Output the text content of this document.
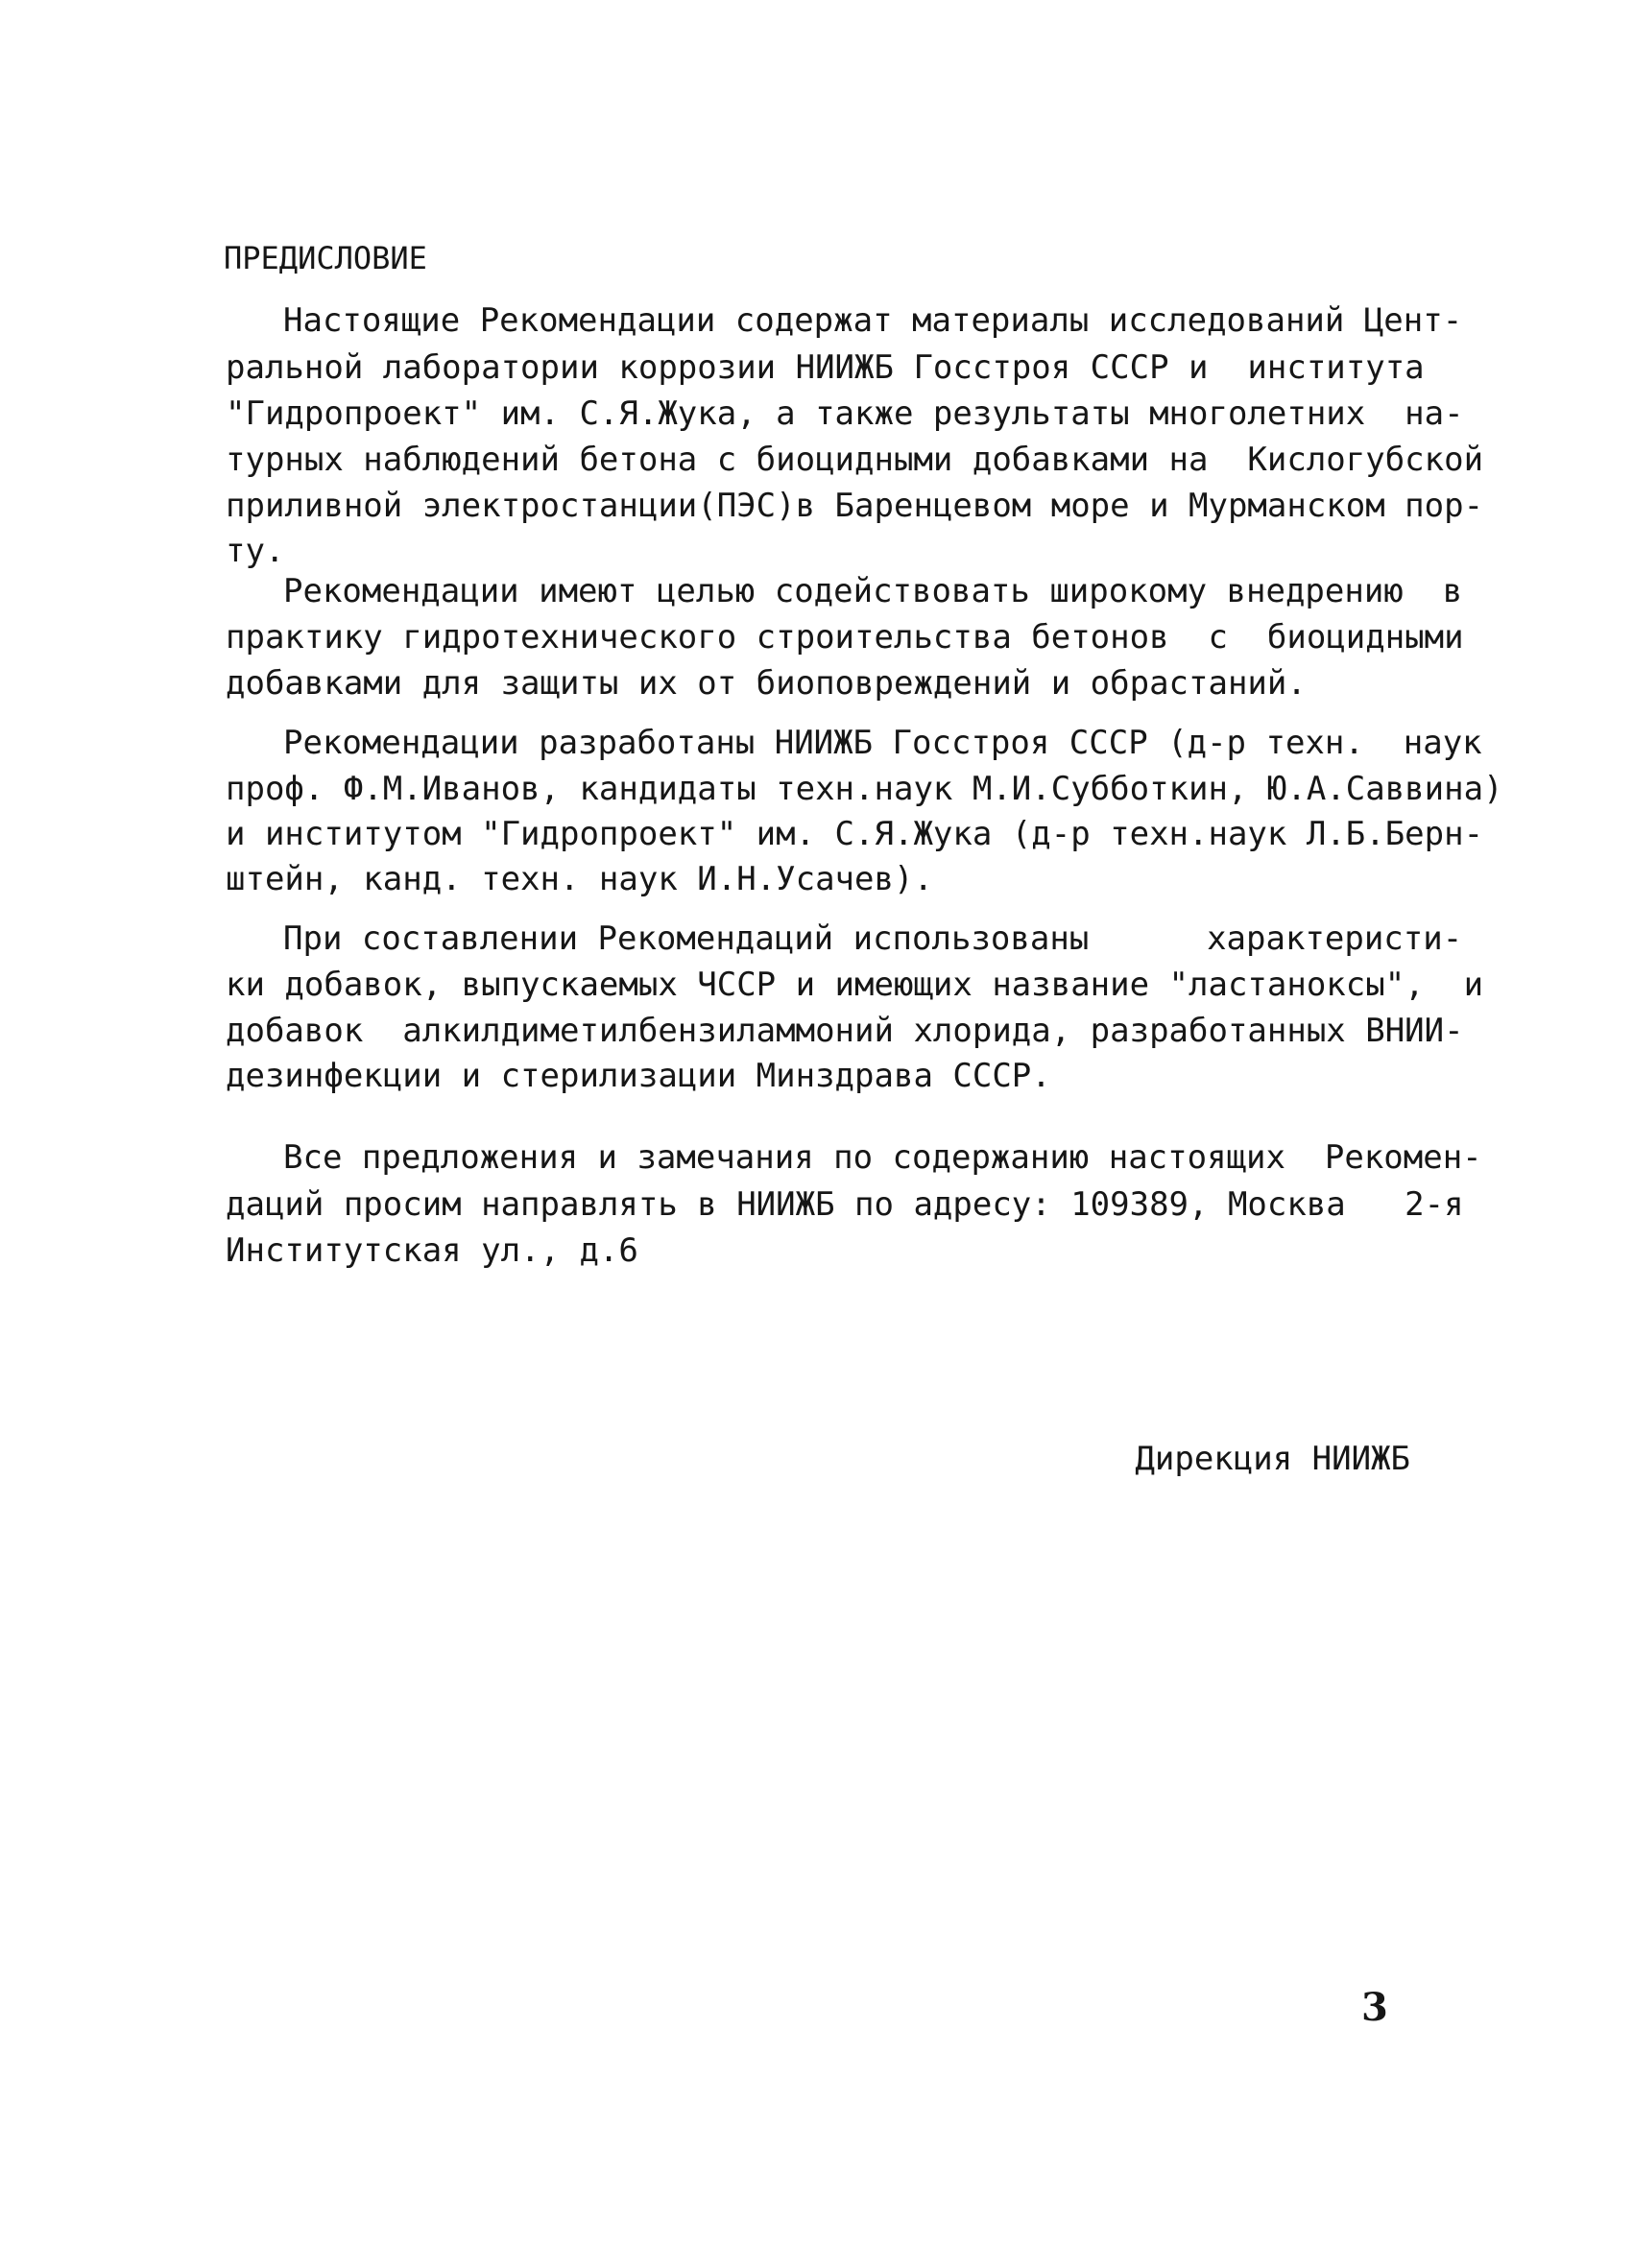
ПРЕДИСЛОВИЕ
Настоящие Рекомендации содержат материалы исследований Цент-
ральной лаборатории коррозии НИИЖБ Госстроя СССР и  института
"Гидропроект" им. С.Я.Жука, а также результаты многолетних  на-
турных наблюдений бетона с биоцидными добавками на  Кислогубской
приливной электростанции(ПЭС)в Баренцевом море и Мурманском пор-
ту.
Рекомендации имеют целью содействовать широкому внедрению  в
практику гидротехнического строительства бетонов  с  биоцидными
добавками для защиты их от биоповреждений и обрастаний.
Рекомендации разработаны НИИЖБ Госстроя СССР (д-р техн.  наук
проф. Ф.М.Иванов, кандидаты техн.наук М.И.Субботкин, Ю.А.Саввина)
и институтом "Гидропроект" им. С.Я.Жука (д-р техн.наук Л.Б.Берн-
штейн, канд. техн. наук И.Н.Усачев).
При составлении Рекомендаций использованы      характеристи-
ки добавок, выпускаемых ЧССР и имеющих название "ластаноксы",  и
добавок  алкилдиметилбензиламмоний хлорида, разработанных ВНИИ-
дезинфекции и стерилизации Минздрава СССР.
Все предложения и замечания по содержанию настоящих  Рекомен-
даций просим направлять в НИИЖБ по адресу: 109389, Москва   2-я
Институтская ул., д.6
Дирекция НИИЖБ
3
